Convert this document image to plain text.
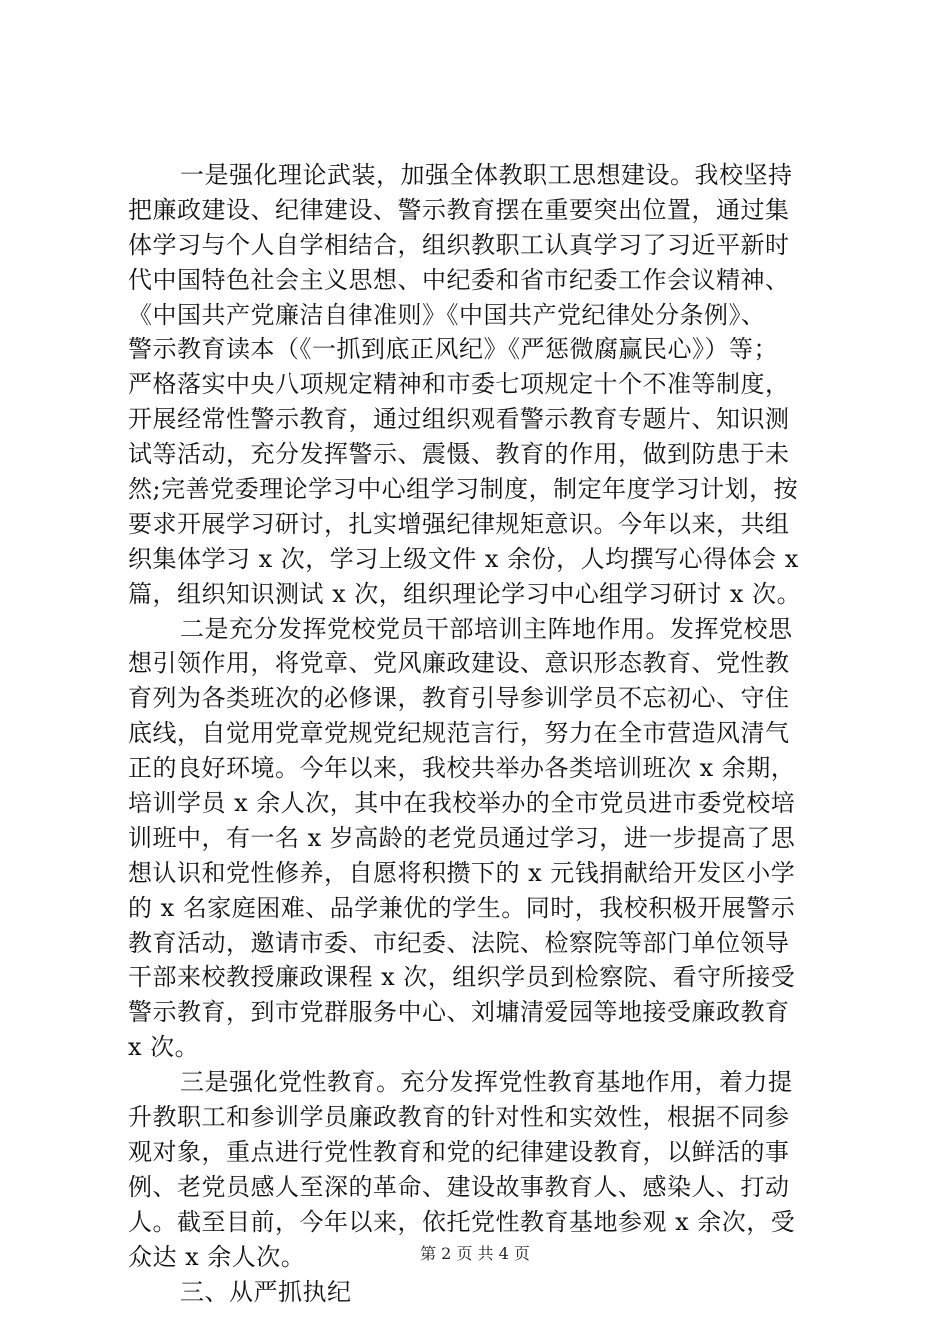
一是强化理论武装，加强全体教职工思想建设。我校坚持
把廉政建设、纪律建设、警示教育摆在重要突出位置，通过集
体学习与个人自学相结合，组织教职工认真学习了习近平新时
代中国特色社会主义思想、中纪委和省市纪委工作会议精神、
《中国共产党廉洁自律准则》《中国共产党纪律处分条例》、
警示教育读本（《一抓到底正风纪》《严惩微腐赢民心》）等；
严格落实中央八项规定精神和市委七项规定十个不准等制度，
开展经常性警示教育，通过组织观看警示教育专题片、知识测
试等活动，充分发挥警示、震慑、教育的作用，做到防患于未
然;完善党委理论学习中心组学习制度，制定年度学习计划，按
要求开展学习研讨，扎实增强纪律规矩意识。今年以来，共组
织集体学习 x 次，学习上级文件 x 余份，人均撰写心得体会 x
篇，组织知识测试 x 次，组织理论学习中心组学习研讨 x 次。
二是充分发挥党校党员干部培训主阵地作用。发挥党校思
想引领作用，将党章、党风廉政建设、意识形态教育、党性教
育列为各类班次的必修课，教育引导参训学员不忘初心、守住
底线，自觉用党章党规党纪规范言行，努力在全市营造风清气
正的良好环境。今年以来，我校共举办各类培训班次 x 余期，
培训学员 x 余人次，其中在我校举办的全市党员进市委党校培
训班中，有一名 x 岁高龄的老党员通过学习，进一步提高了思
想认识和党性修养，自愿将积攒下的 x 元钱捐献给开发区小学
的 x 名家庭困难、品学兼优的学生。同时，我校积极开展警示
教育活动，邀请市委、市纪委、法院、检察院等部门单位领导
干部来校教授廉政课程 x 次，组织学员到检察院、看守所接受
警示教育，到市党群服务中心、刘墉清爱园等地接受廉政教育
x 次。
三是强化党性教育。充分发挥党性教育基地作用，着力提
升教职工和参训学员廉政教育的针对性和实效性，根据不同参
观对象，重点进行党性教育和党的纪律建设教育，以鲜活的事
例、老党员感人至深的革命、建设故事教育人、感染人、打动
人。截至目前，今年以来，依托党性教育基地参观 x 余次，受
众达 x 余人次。
三、从严抓执纪
第 2 页 共 4 页
